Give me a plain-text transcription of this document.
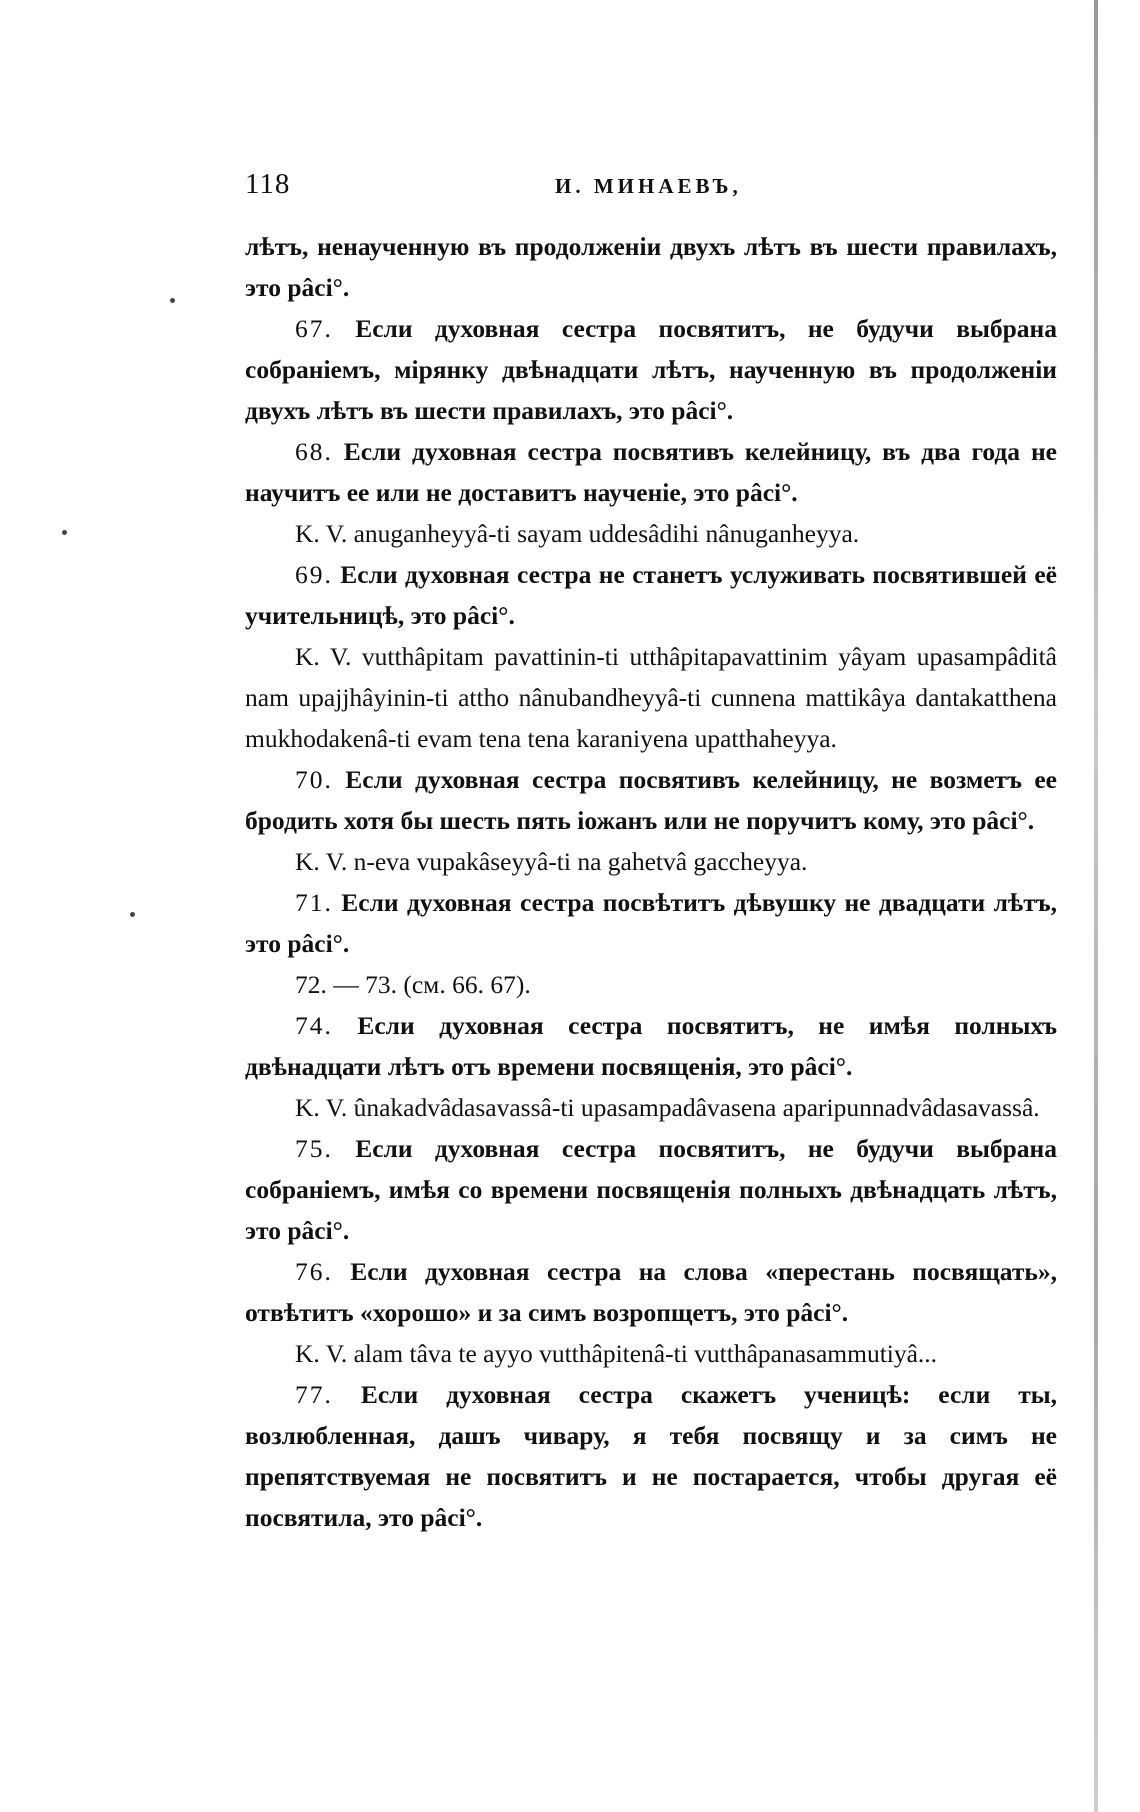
118	И. МИНАЕВЪ,

лѣтъ, ненаученную въ продолженіи двухъ лѣтъ въ шести правилахъ, это pâci°.

67. Если духовная сестра посвятитъ, не будучи выбрана собраніемъ, мірянку двѣнадцати лѣтъ, наученную въ продолженіи двухъ лѣтъ въ шести правилахъ, это pâci°.

68. Если духовная сестра посвятивъ келейницу, въ два года не научитъ ее или не доставитъ наученіе, это pâci°.

K. V. anuganheyyâ-ti sayam uddesâdihi nânuganheyya.

69. Если духовная сестра не станетъ услуживать посвятившей её учительницѣ, это pâci°.

K. V. vutthâpitam pavattinin-ti utthâpitapavattinim yâyam upasampâditâ nam upajjhâyinin-ti attho nânubandheyyâ-ti cunnena mattikâya dantakatthena mukhodakenâ-ti evam tena tena karaniyena upatthaheyya.

70. Если духовная сестра посвятивъ келейницу, не возметъ ее бродить хотя бы шесть пять іожанъ или не поручитъ кому, это pâci°.

K. V. n-eva vupakâseyyâ-ti na gahetvâ gaccheyya.

71. Если духовная сестра посвѣтитъ дѣвушку не двадцати лѣтъ, это pâci°.

72. — 73. (см. 66. 67).

74. Если духовная сестра посвятитъ, не имѣя полныхъ двѣнадцати лѣтъ отъ времени посвященія, это pâci°.

K. V. ûnakadvâdasavassâ-ti upasampadâvasena aparipunnadvâdasavassâ.

75. Если духовная сестра посвятитъ, не будучи выбрана собраніемъ, имѣя со времени посвященія полныхъ двѣнадцать лѣтъ, это pâci°.

76. Если духовная сестра на слова «перестань посвящать», отвѣтитъ «хорошо» и за симъ возропщетъ, это pâci°.

K. V. alam tâva te ayyo vutthâpitenâ-ti vutthâpanasammutiyâ...

77. Если духовная сестра скажетъ ученицѣ: если ты, возлюбленная, дашъ чивару, я тебя посвящу и за симъ не препятствуемая не посвятитъ и не постарается, чтобы другая её посвятила, это pâci°.
